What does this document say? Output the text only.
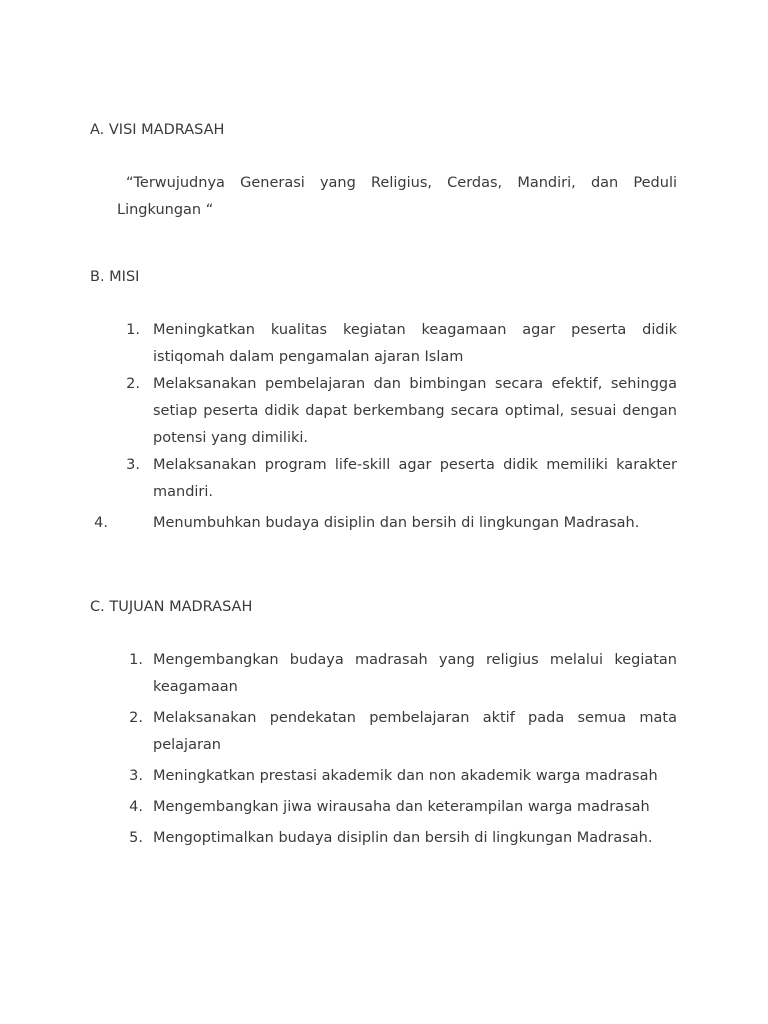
A. VISI MADRASAH

“Terwujudnya Generasi yang Religius, Cerdas, Mandiri, dan Peduli Lingkungan “

B. MISI
1. Meningkatkan kualitas kegiatan keagamaan agar peserta didik istiqomah dalam pengamalan ajaran Islam
2. Melaksanakan pembelajaran dan bimbingan secara efektif, sehingga setiap peserta didik dapat berkembang secara optimal, sesuai dengan potensi yang dimiliki.
3. Melaksanakan program life-skill agar peserta didik memiliki karakter mandiri.
4.	Menumbuhkan budaya disiplin dan bersih di lingkungan Madrasah.
C. TUJUAN MADRASAH
1. Mengembangkan budaya madrasah yang religius melalui kegiatan keagamaan
2. Melaksanakan pendekatan pembelajaran aktif pada semua mata pelajaran
3. Meningkatkan prestasi akademik dan non akademik warga madrasah
4. Mengembangkan jiwa wirausaha dan keterampilan warga madrasah
5. Mengoptimalkan budaya disiplin dan bersih di lingkungan Madrasah.
